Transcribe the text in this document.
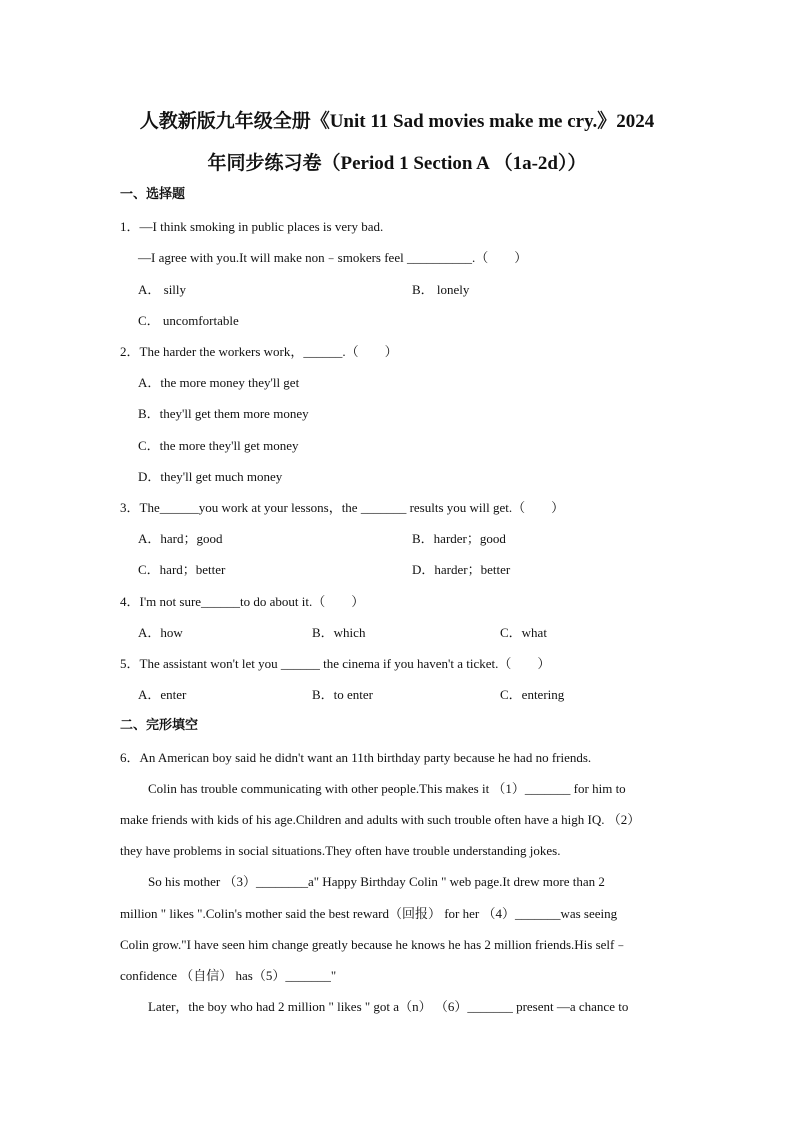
人教新版九年级全册《Unit 11 Sad movies make me cry.》2024
年同步练习卷（Period 1 Section A （1a-2d））
一、选择题
1．—I think smoking in public places is very bad.
—I agree with you.It will make non﹣smokers feel __________.（　　）
A． silly	B． lonely
C． uncomfortable
2．The harder the workers work，______.（　　）
A．the more money they'll get
B．they'll get them more money
C．the more they'll get money
D．they'll get much money
3．The______you work at your lessons，the _______ results you will get.（　　）
A．hard；good	B．harder；good
C．hard；better	D．harder；better
4．I'm not sure______to do about it.（　　）
A．how	B．which	C．what
5．The assistant won't let you ______ the cinema if you haven't a ticket.（　　）
A．enter	B．to enter	C．entering
二、完形填空
6．An American boy said he didn't want an 11th birthday party because he had no friends.
Colin has trouble communicating with other people.This makes it （1）_______ for him to
make friends with kids of his age.Children and adults with such trouble often have a high IQ. （2）
they have problems in social situations.They often have trouble understanding jokes.
So his mother （3）________a" Happy Birthday Colin " web page.It drew more than 2
million " likes ".Colin's mother said the best reward（回报） for her （4）_______was seeing
Colin grow."I have seen him change greatly because he knows he has 2 million friends.His self﹣
confidence （自信） has（5）_______"
Later，the boy who had 2 million " likes " got a（n） （6）_______ present —a chance to
